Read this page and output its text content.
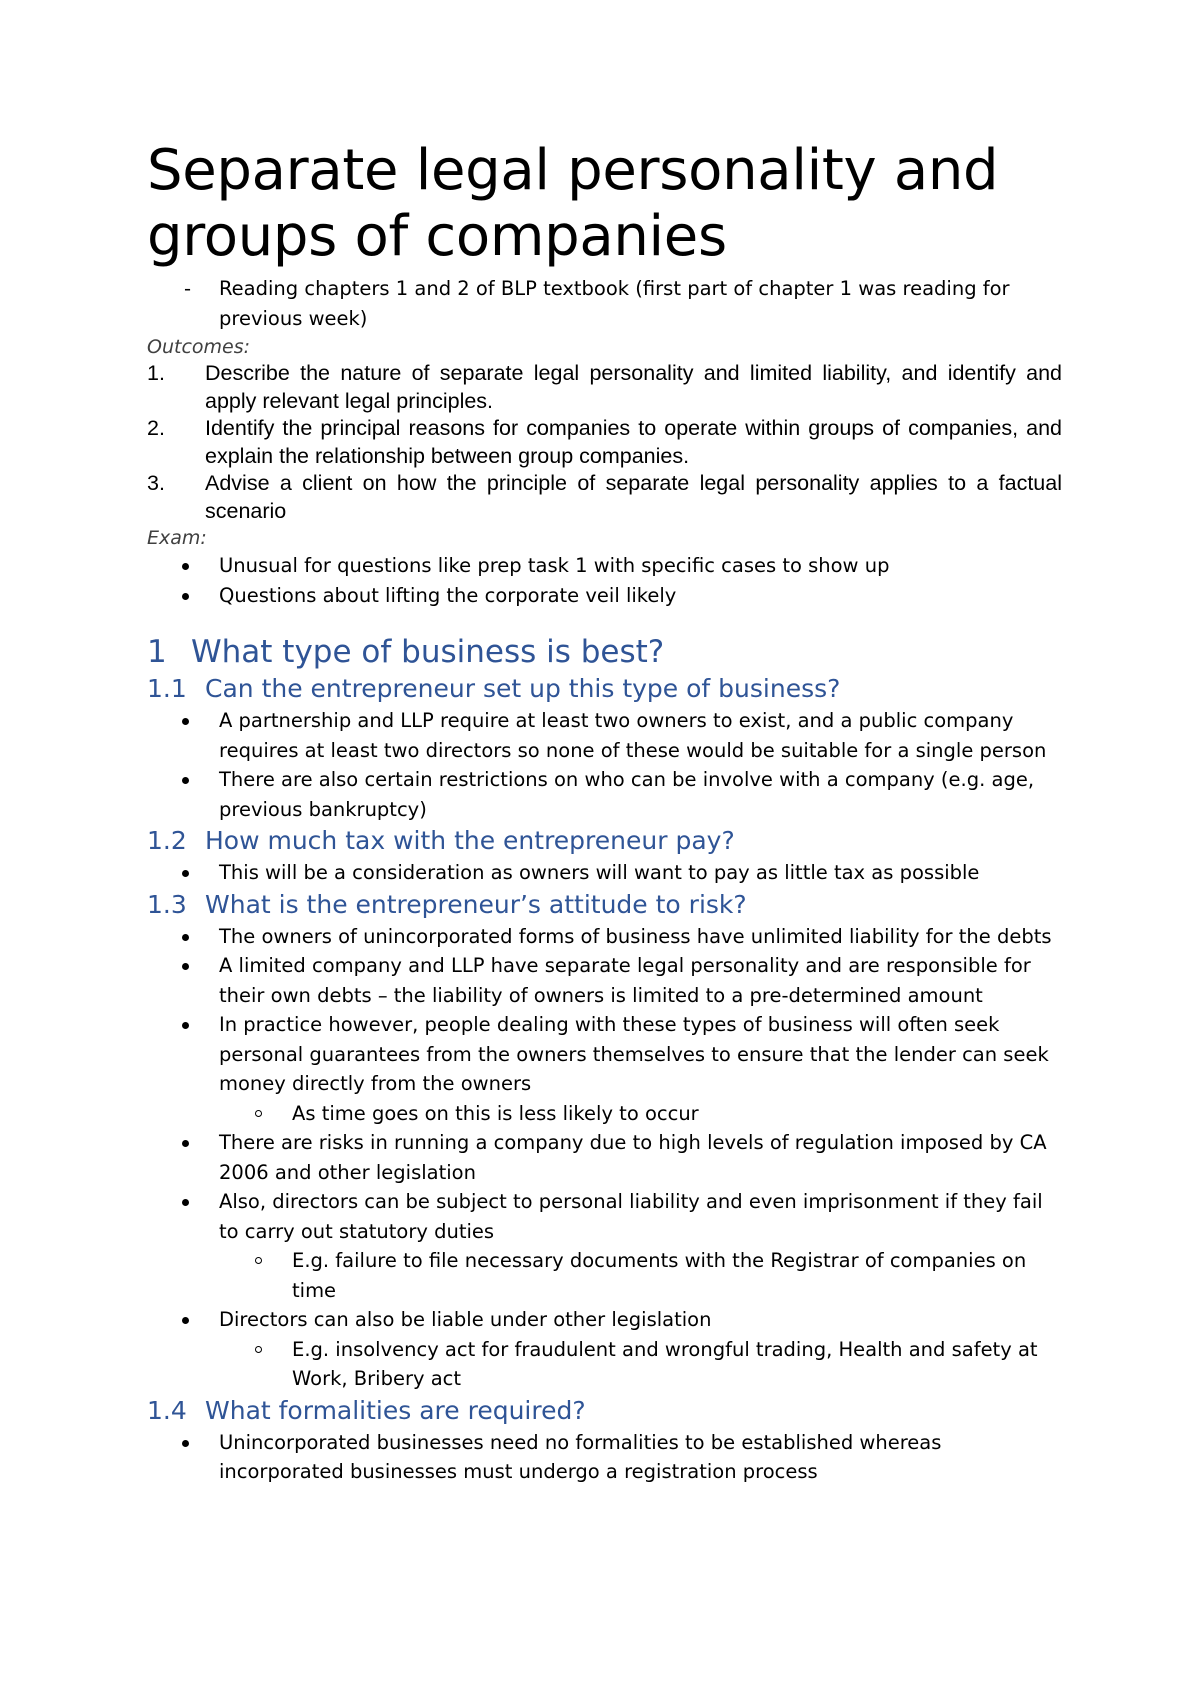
Separate legal personality and groups of companies
- Reading chapters 1 and 2 of BLP textbook (first part of chapter 1 was reading for previous week)

Outcomes:

1. Describe the nature of separate legal personality and limited liability, and identify and apply relevant legal principles.
2. Identify the principal reasons for companies to operate within groups of companies, and explain the relationship between group companies.
3. Advise a client on how the principle of separate legal personality applies to a factual scenario

Exam:

Unusual for questions like prep task 1 with specific cases to show up
Questions about lifting the corporate veil likely
1 What type of business is best?
1.1 Can the entrepreneur set up this type of business?
A partnership and LLP require at least two owners to exist, and a public company requires at least two directors so none of these would be suitable for a single person
There are also certain restrictions on who can be involve with a company (e.g. age, previous bankruptcy)
1.2 How much tax with the entrepreneur pay?
This will be a consideration as owners will want to pay as little tax as possible
1.3 What is the entrepreneur’s attitude to risk?
The owners of unincorporated forms of business have unlimited liability for the debts
A limited company and LLP have separate legal personality and are responsible for their own debts – the liability of owners is limited to a pre-determined amount
In practice however, people dealing with these types of business will often seek personal guarantees from the owners themselves to ensure that the lender can seek money directly from the owners
As time goes on this is less likely to occur
There are risks in running a company due to high levels of regulation imposed by CA 2006 and other legislation
Also, directors can be subject to personal liability and even imprisonment if they fail to carry out statutory duties
E.g. failure to file necessary documents with the Registrar of companies on time
Directors can also be liable under other legislation
E.g. insolvency act for fraudulent and wrongful trading, Health and safety at Work, Bribery act
1.4 What formalities are required?
Unincorporated businesses need no formalities to be established whereas incorporated businesses must undergo a registration process
